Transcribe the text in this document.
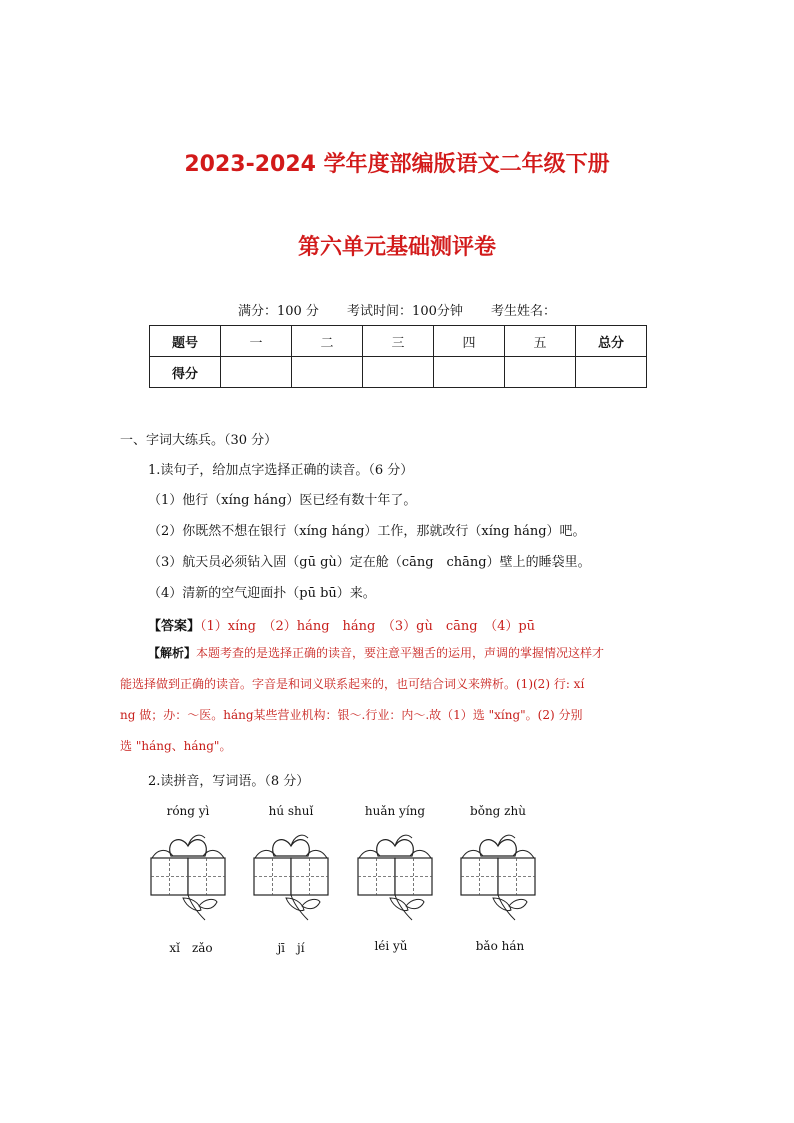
2023-2024 学年度部编版语文二年级下册
第六单元基础测评卷
满分：100 分 考试时间：100分钟 考生姓名：
题号	一	二	三	四	五	总分
得分						
一、字词大练兵。（30 分）
1.读句子，给加点字选择正确的读音。（6 分）
（1）他行（xíng háng）医已经有数十年了。
（2）你既然不想在银行（xíng háng）工作，那就改行（xíng háng）吧。
（3）航天员必须钻入固（gū gù）定在舱（cāng　chāng）壁上的睡袋里。
（4）清新的空气迎面扑（pū bū）来。
【答案】（1）xíng　（2）háng　háng　（3）gù　cāng　（4）pū
【解析】本题考查的是选择正确的读音，要注意平翘舌的运用，声调的掌握情况这样才
能选择做到正确的读音。字音是和词义联系起来的，也可结合词义来辨析。(1)(2) 行: xí
ng 做；办：～医。háng某些营业机构：银～.行业：内～.故（1）选 "xíng"。(2) 分别
选 "háng、háng"。
2.读拼音，写词语。（8 分）
róng yì	hú shuǐ	huǎn yíng	bǒng zhù
xǐ　zǎo	jī　jí	léi yǔ	bǎo hán
